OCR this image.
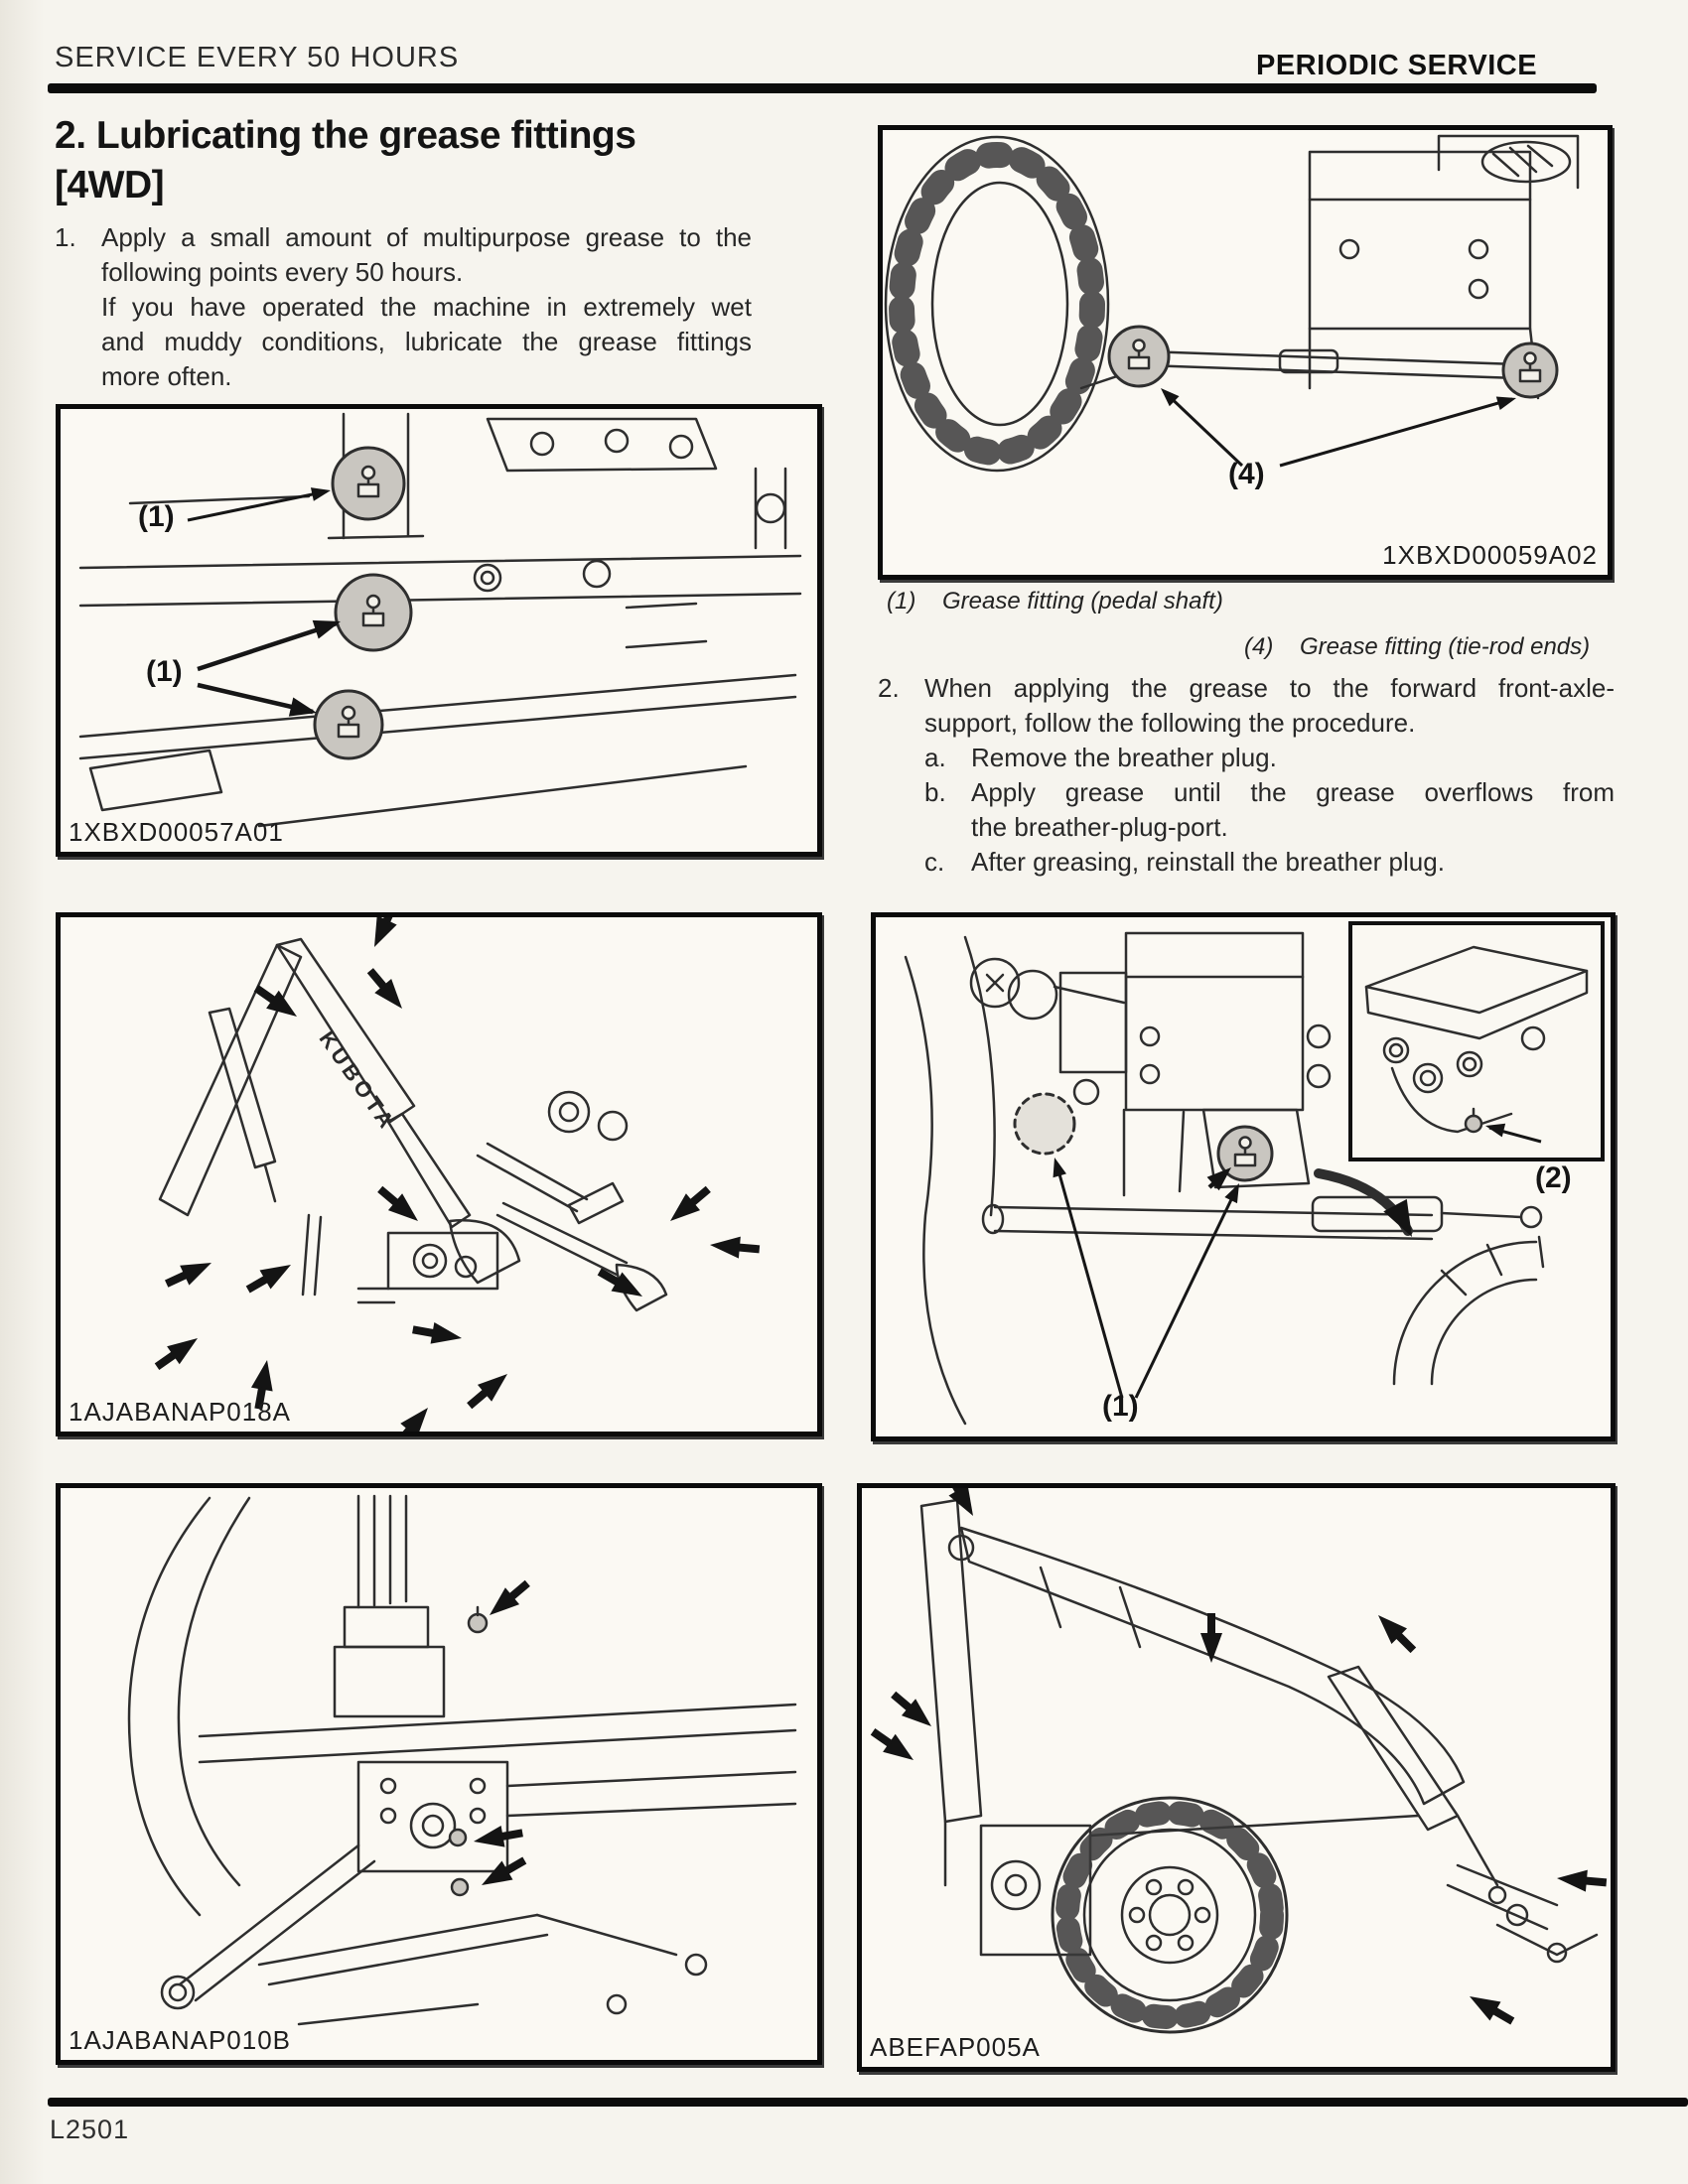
SERVICE EVERY 50 HOURS	PERIODIC SERVICE
2. Lubricating the grease fittings
[4WD]
1. Apply a small amount of multipurpose grease to the
following points every 50 hours.
If you have operated the machine in extremely wet
and muddy conditions, lubricate the grease fittings
more often.
(1)
(1)
1XBXD00057A01
(4)
1XBXD00059A02
(1) Grease fitting (pedal shaft)
(4) Grease fitting (tie-rod ends)
2. When applying the grease to the forward front-axle-
support, follow the following the procedure.
a. Remove the breather plug.
b. Apply grease until the grease overflows from
the breather-plug-port.
c.	After greasing, reinstall the breather plug.
KUBOTA
1AJABANAP018A	(1)
(2)
1AJABANAP010B	ABEFAP005A
L2501
